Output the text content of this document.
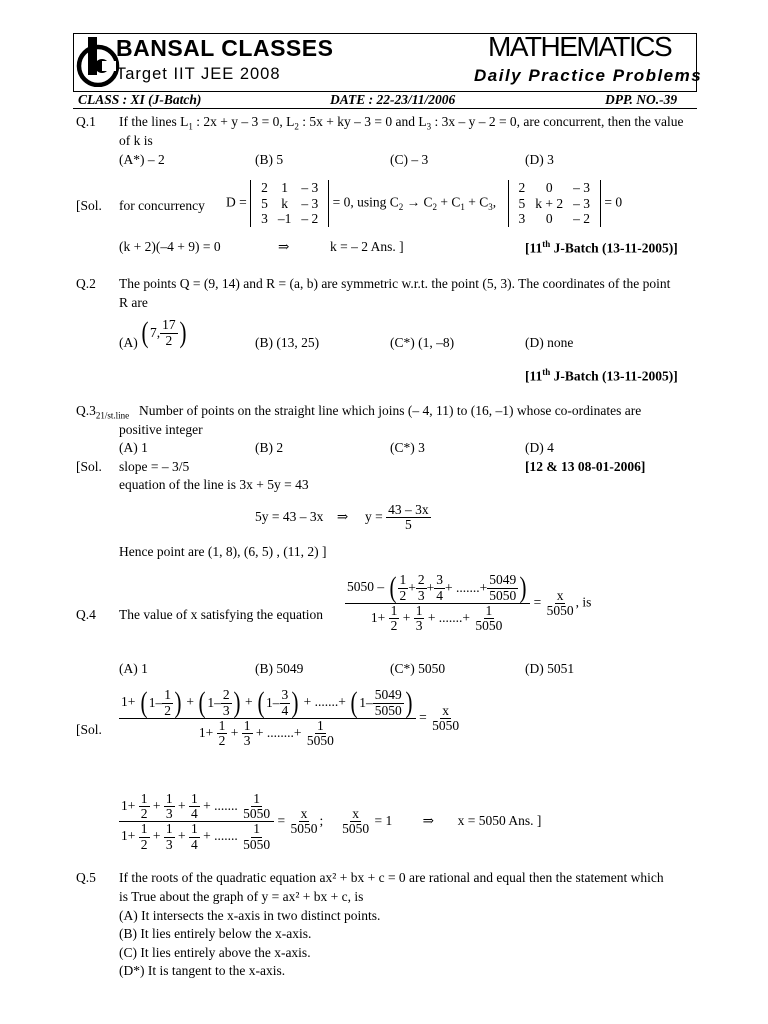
BANSAL CLASSES
Target IIT JEE 2008
MATHEMATICS
Daily Practice Problems
CLASS : XI (J-Batch)	DATE : 22-23/11/2006	DPP. NO.-39
Q.1 If the lines $L_1$ : 2x + y – 3 = 0, $L_2$ : 5x + ky – 3 = 0 and $L_3$ : 3x – y – 2 = 0, are concurrent, then the value
of k is
(A*) – 2	(B) 5	(C) – 3	(D) 3
[Sol. for concurrency D =
2	1	– 3
5	k	– 3
3	–1	– 2
= 0, using $C_2 \to C_2 + C_1 + C_3$,
2	0	– 3
5	k + 2	– 3
3	0	– 2
= 0
(k + 2)(–4 + 9) = 0	⇒	k = – 2 Ans. ]	[11th J-Batch (13-11-2005)]
Q.2 The points Q = (9, 14) and R = (a, b) are symmetric w.r.t. the point (5, 3). The coordinates of the point
R are
(A) ( 7, $\frac{17}{2}$ )	(B) (13, 25)	(C*) (1, –8)	(D) none
[11th J-Batch (13-11-2005)]
$Q.3_{21/st.line}$ Number of points on the straight line which joins (– 4, 11) to (16, –1) whose co-ordinates are
positive integer
(A) 1	(B) 2	(C*) 3	(D) 4
[Sol. slope = – 3/5	[12 & 13 08-01-2006]
equation of the line is 3x + 5y = 43
5y = 43 – 3x    ⇒     $y = \frac{43 - 3x}{5}$
Hence point are (1, 8), (6, 5) , (11, 2) ]
Q.4 The value of x satisfying the equation $\frac{5050 - ( \frac{1}{2} + \frac{2}{3} + \frac{3}{4} + .......+ \frac{5049}{5050} )}{1+ \frac{1}{2} + \frac{1}{3} + .......+ \frac{1}{5050}} = \frac{x}{5050}$ , is
(A) 1	(B) 5049	(C*) 5050	(D) 5051
[Sol. $\frac{1+ ( 1- \frac{1}{2} ) + ( 1- \frac{2}{3} ) + ( 1- \frac{3}{4} ) + .......+ ( 1- \frac{5049}{5050} )}{1+ \frac{1}{2} + \frac{1}{3} + ........+ \frac{1}{5050}} = \frac{x}{5050}$
$\frac{1+ \frac{1}{2} + \frac{1}{3} + \frac{1}{4} + ....... \frac{1}{5050}}{1+ \frac{1}{2} + \frac{1}{3} + \frac{1}{4} + ....... \frac{1}{5050}} = \frac{x}{5050}$ ; $\frac{x}{5050} = 1$         ⇒       x = 5050 Ans. ]
Q.5 If the roots of the quadratic equation ax² + bx + c = 0 are rational and equal then the statement which
is True about the graph of y = ax² + bx + c, is
(A) It intersects the x-axis in two distinct points.
(B) It lies entirely below the x-axis.
(C) It lies entirely above the x-axis.
(D*) It is tangent to the x-axis.
